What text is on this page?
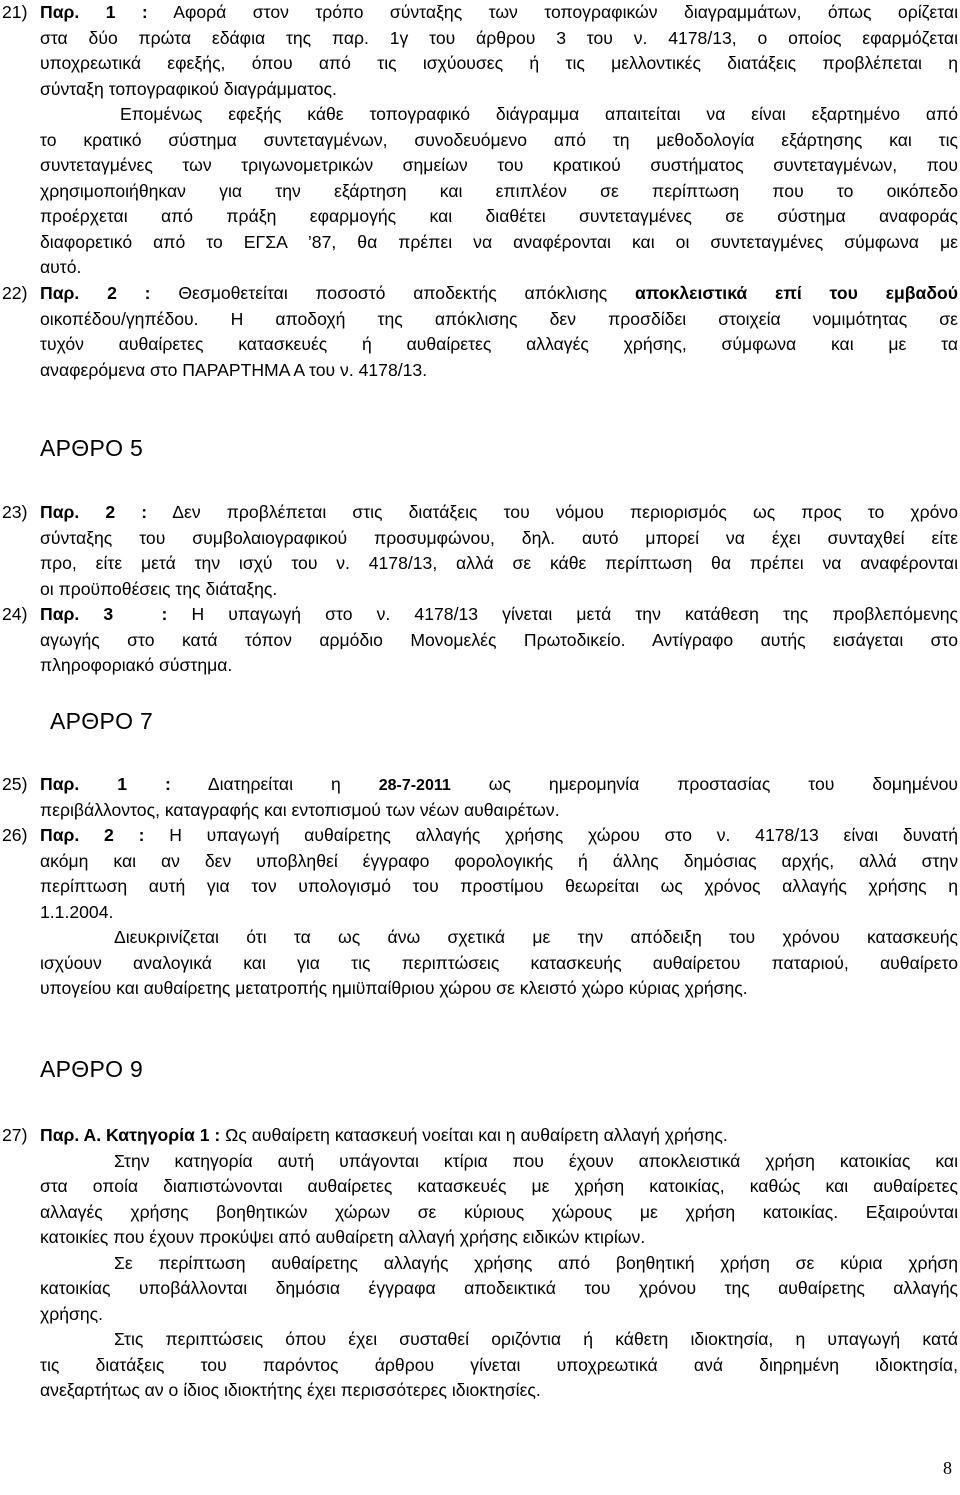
21) Παρ. 1 : Αφορά στον τρόπο σύνταξης των τοπογραφικών διαγραμμάτων, όπως ορίζεται
στα δύο πρώτα εδάφια της παρ. 1γ του άρθρου 3 του ν. 4178/13, ο οποίος εφαρμόζεται
υποχρεωτικά εφεξής, όπου από τις ισχύουσες ή τις μελλοντικές διατάξεις προβλέπεται η
σύνταξη τοπογραφικού διαγράμματος.
Επομένως εφεξής κάθε τοπογραφικό διάγραμμα απαιτείται να είναι εξαρτημένο από
το κρατικό σύστημα συντεταγμένων, συνοδευόμενο από τη μεθοδολογία εξάρτησης και τις
συντεταγμένες των τριγωνομετρικών σημείων του κρατικού συστήματος συντεταγμένων, που
χρησιμοποιήθηκαν για την εξάρτηση και επιπλέον σε περίπτωση που το οικόπεδο
προέρχεται από πράξη εφαρμογής και διαθέτει συντεταγμένες σε σύστημα αναφοράς
διαφορετικό από το ΕΓΣΑ ’87, θα πρέπει να αναφέρονται και οι συντεταγμένες σύμφωνα με
αυτό.
22) Παρ. 2 : Θεσμοθετείται ποσοστό αποδεκτής απόκλισης αποκλειστικά επί του εμβαδού
οικοπέδου/γηπέδου. Η αποδοχή της απόκλισης δεν προσδίδει στοιχεία νομιμότητας σε
τυχόν αυθαίρετες κατασκευές ή αυθαίρετες αλλαγές χρήσης, σύμφωνα και με τα
αναφερόμενα στο ΠΑΡΑΡΤΗΜΑ Α του ν. 4178/13.
ΑΡΘΡΟ 5
23) Παρ. 2 : Δεν προβλέπεται στις διατάξεις του νόμου περιορισμός ως προς το χρόνο
σύνταξης του συμβολαιογραφικού προσυμφώνου, δηλ. αυτό μπορεί να έχει συνταχθεί είτε
προ, είτε μετά την ισχύ του ν. 4178/13, αλλά σε κάθε περίπτωση θα πρέπει να αναφέρονται
οι προϋποθέσεις της διάταξης.
24) Παρ. 3	: Η υπαγωγή στο ν. 4178/13 γίνεται μετά την κατάθεση της προβλεπόμενης
αγωγής στο κατά τόπον αρμόδιο Μονομελές Πρωτοδικείο. Αντίγραφο αυτής εισάγεται στο
πληροφοριακό σύστημα.
ΑΡΘΡΟ 7
25) Παρ. 1 : Διατηρείται η 28-7-2011 ως ημερομηνία προστασίας του δομημένου
περιβάλλοντος, καταγραφής και εντοπισμού των νέων αυθαιρέτων.
26) Παρ. 2 : Η υπαγωγή αυθαίρετης αλλαγής χρήσης χώρου στο ν. 4178/13 είναι δυνατή
ακόμη και αν δεν υποβληθεί έγγραφο φορολογικής ή άλλης δημόσιας αρχής, αλλά στην
περίπτωση αυτή για τον υπολογισμό του προστίμου θεωρείται ως χρόνος αλλαγής χρήσης η
1.1.2004.
Διευκρινίζεται ότι τα ως άνω σχετικά με την απόδειξη του χρόνου κατασκευής
ισχύουν αναλογικά και για τις περιπτώσεις κατασκευής αυθαίρετου παταριού, αυθαίρετο
υπογείου και αυθαίρετης μετατροπής ημιϋπαίθριου χώρου σε κλειστό χώρο κύριας χρήσης.
ΑΡΘΡΟ 9
27) Παρ. Α. Κατηγορία 1 : Ως αυθαίρετη κατασκευή νοείται και η αυθαίρετη αλλαγή χρήσης.
Στην κατηγορία αυτή υπάγονται κτίρια που έχουν αποκλειστικά χρήση κατοικίας και
στα οποία διαπιστώνονται αυθαίρετες κατασκευές με χρήση κατοικίας, καθώς και αυθαίρετες
αλλαγές χρήσης βοηθητικών χώρων σε κύριους χώρους με χρήση κατοικίας. Εξαιρούνται
κατοικίες που έχουν προκύψει από αυθαίρετη αλλαγή χρήσης ειδικών κτιρίων.
Σε περίπτωση αυθαίρετης αλλαγής χρήσης από βοηθητική χρήση σε κύρια χρήση
κατοικίας υποβάλλονται δημόσια έγγραφα αποδεικτικά του χρόνου της αυθαίρετης αλλαγής
χρήσης.
Στις περιπτώσεις όπου έχει συσταθεί οριζόντια ή κάθετη ιδιοκτησία, η υπαγωγή κατά
τις διατάξεις του παρόντος άρθρου γίνεται υποχρεωτικά ανά διηρημένη ιδιοκτησία,
ανεξαρτήτως αν ο ίδιος ιδιοκτήτης έχει περισσότερες ιδιοκτησίες.
8
